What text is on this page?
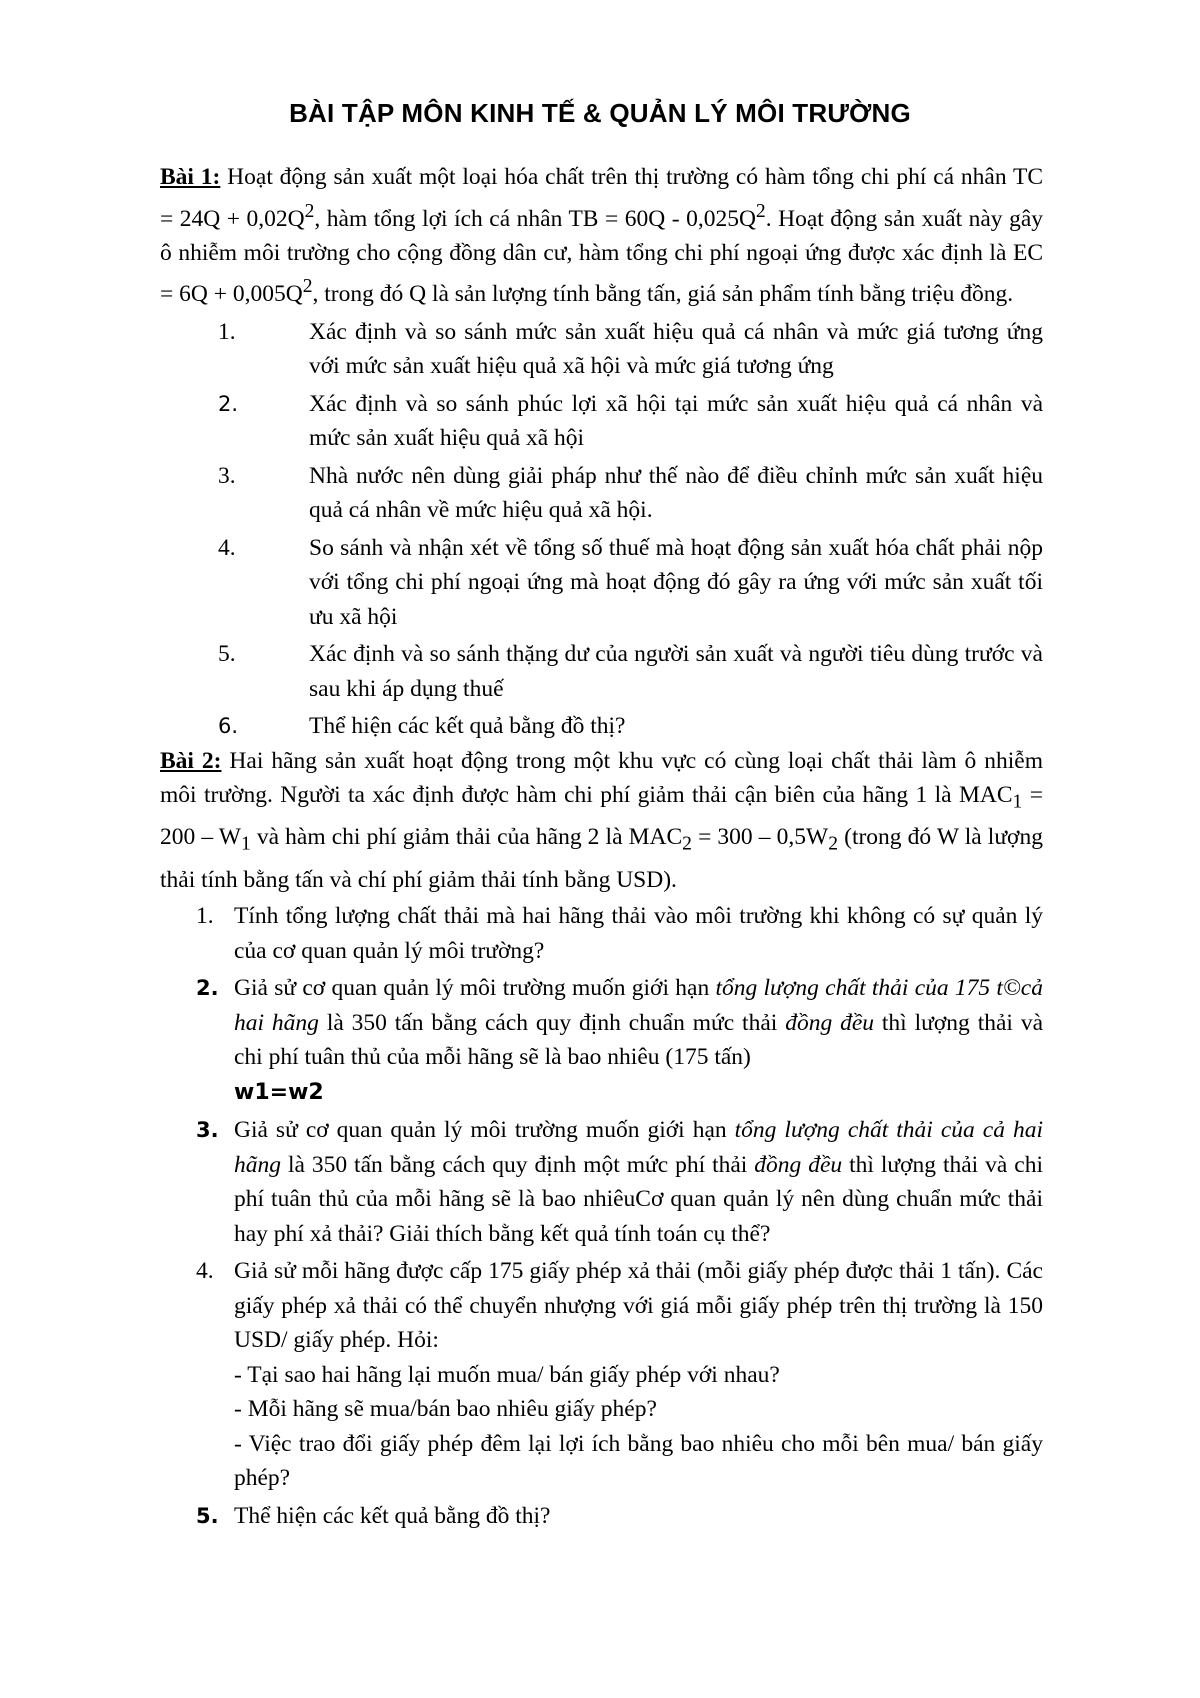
BÀI TẬP MÔN KINH TẾ & QUẢN LÝ MÔI TRƯỜNG

Bài 1: Hoạt động sản xuất một loại hóa chất trên thị trường có hàm tổng chi phí cá nhân TC = $24Q + 0,02Q^2$, hàm tổng lợi ích cá nhân TB = $60Q - 0,025Q^2$. Hoạt động sản xuất này gây ô nhiễm môi trường cho cộng đồng dân cư, hàm tổng chi phí ngoại ứng được xác định là EC = $6Q + 0,005Q^2$, trong đó Q là sản lượng tính bằng tấn, giá sản phẩm tính bằng triệu đồng.

1.	Xác định và so sánh mức sản xuất hiệu quả cá nhân và mức giá tương ứng với mức sản xuất hiệu quả xã hội và mức giá tương ứng
2.	Xác định và so sánh phúc lợi xã hội tại mức sản xuất hiệu quả cá nhân và mức sản xuất hiệu quả xã hội
3.	Nhà nước nên dùng giải pháp như thế nào để điều chỉnh mức sản xuất hiệu quả cá nhân về mức hiệu quả xã hội.
4.	So sánh và nhận xét về tổng số thuế mà hoạt động sản xuất hóa chất phải nộp với tổng chi phí ngoại ứng mà hoạt động đó gây ra ứng với mức sản xuất tối ưu xã hội
5.	Xác định và so sánh thặng dư của người sản xuất và người tiêu dùng trước và sau khi áp dụng thuế
6.	Thể hiện các kết quả bằng đồ thị?

Bài 2: Hai hãng sản xuất hoạt động trong một khu vực có cùng loại chất thải làm ô nhiễm môi trường. Người ta xác định được hàm chi phí giảm thải cận biên của hãng 1 là $MAC_1 = 200 - W_1$ và hàm chi phí giảm thải của hãng 2 là $MAC_2 = 300 - 0,5W_2$ (trong đó W là lượng thải tính bằng tấn và chí phí giảm thải tính bằng USD).

1. Tính tổng lượng chất thải mà hai hãng thải vào môi trường khi không có sự quản lý của cơ quan quản lý môi trường?
2. Giả sử cơ quan quản lý môi trường muốn giới hạn tổng lượng chất thải của 175 t©cả hai hãng là 350 tấn bằng cách quy định chuẩn mức thải đồng đều thì lượng thải và chi phí tuân thủ của mỗi hãng sẽ là bao nhiêu (175 tấn)
w1=w2
3. Giả sử cơ quan quản lý môi trường muốn giới hạn tổng lượng chất thải của cả hai hãng là 350 tấn bằng cách quy định một mức phí thải đồng đều thì lượng thải và chi phí tuân thủ của mỗi hãng sẽ là bao nhiêuCơ quan quản lý nên dùng chuẩn mức thải hay phí xả thải? Giải thích bằng kết quả tính toán cụ thể?
4. Giả sử mỗi hãng được cấp 175 giấy phép xả thải (mỗi giấy phép được thải 1 tấn). Các giấy phép xả thải có thể chuyển nhượng với giá mỗi giấy phép trên thị trường là 150 USD/ giấy phép. Hỏi:
- Tại sao hai hãng lại muốn mua/ bán giấy phép với nhau?
- Mỗi hãng sẽ mua/bán bao nhiêu giấy phép?
- Việc trao đổi giấy phép đêm lại lợi ích bằng bao nhiêu cho mỗi bên mua/ bán giấy phép?
5. Thể hiện các kết quả bằng đồ thị?
